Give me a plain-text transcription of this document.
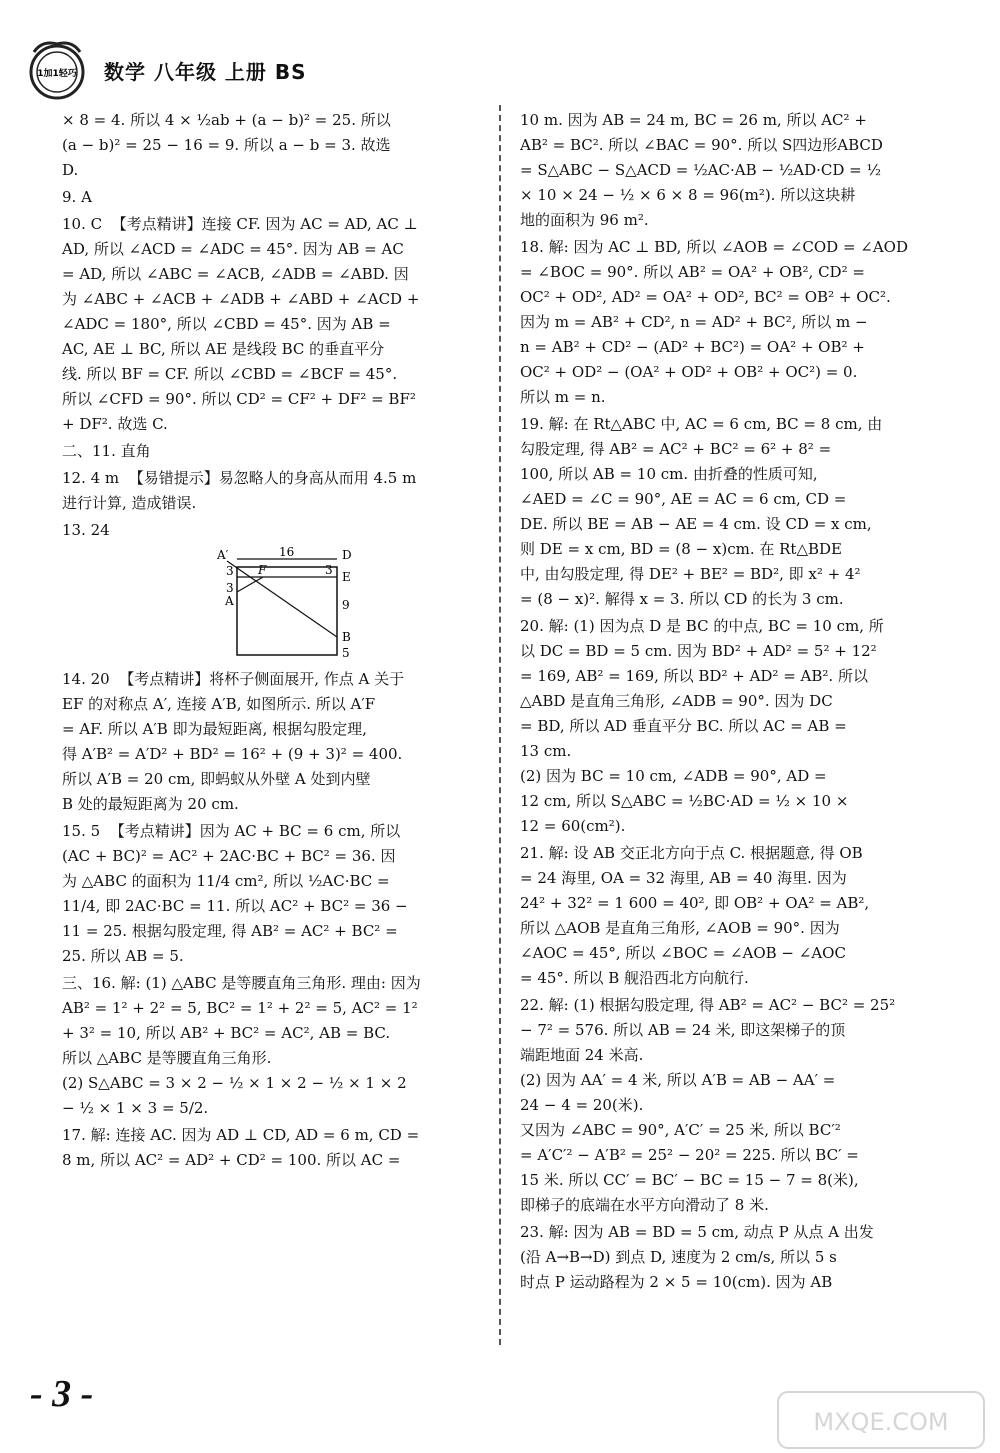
1加1轻巧 数学 八年级 上册 BS
× 8 = 4. 所以 4 × ½ab + (a − b)² = 25. 所以
(a − b)² = 25 − 16 = 9. 所以 a − b = 3. 故选
D.
9. A
10. C  【考点精讲】连接 CF. 因为 AC = AD, AC ⊥
AD, 所以 ∠ACD = ∠ADC = 45°. 因为 AB = AC
= AD, 所以 ∠ABC = ∠ACB, ∠ADB = ∠ABD. 因
为 ∠ABC + ∠ACB + ∠ADB + ∠ABD + ∠ACD +
∠ADC = 180°, 所以 ∠CBD = 45°. 因为 AB =
AC, AE ⊥ BC, 所以 AE 是线段 BC 的垂直平分
线. 所以 BF = CF. 所以 ∠CBD = ∠BCF = 45°.
所以 ∠CFD = 90°. 所以 CD² = CF² + DF² = BF²
+ DF². 故选 C.
二、11. 直角
12. 4 m  【易错提示】易忽略人的身高从而用 4.5 m
进行计算, 造成错误.
13. 24
A′	16	D
3
3
A
F	3 E
9
B
5
14. 20  【考点精讲】将杯子侧面展开, 作点 A 关于
EF 的对称点 A′, 连接 A′B, 如图所示. 所以 A′F
= AF. 所以 A′B 即为最短距离, 根据勾股定理,
得 A′B² = A′D² + BD² = 16² + (9 + 3)² = 400.
所以 A′B = 20 cm, 即蚂蚁从外壁 A 处到内壁
B 处的最短距离为 20 cm.
15. 5  【考点精讲】因为 AC + BC = 6 cm, 所以
(AC + BC)² = AC² + 2AC·BC + BC² = 36. 因
为 △ABC 的面积为 11/4 cm², 所以 ½AC·BC =
11/4, 即 2AC·BC = 11. 所以 AC² + BC² = 36 −
11 = 25. 根据勾股定理, 得 AB² = AC² + BC² =
25. 所以 AB = 5.
三、16. 解: (1) △ABC 是等腰直角三角形. 理由: 因为
AB² = 1² + 2² = 5, BC² = 1² + 2² = 5, AC² = 1²
+ 3² = 10, 所以 AB² + BC² = AC², AB = BC.
所以 △ABC 是等腰直角三角形.
(2) S△ABC = 3 × 2 − ½ × 1 × 2 − ½ × 1 × 2
− ½ × 1 × 3 = 5/2.
17. 解: 连接 AC. 因为 AD ⊥ CD, AD = 6 m, CD =
8 m, 所以 AC² = AD² + CD² = 100. 所以 AC =
10 m. 因为 AB = 24 m, BC = 26 m, 所以 AC² +
AB² = BC². 所以 ∠BAC = 90°. 所以 S四边形ABCD
= S△ABC − S△ACD = ½AC·AB − ½AD·CD = ½
× 10 × 24 − ½ × 6 × 8 = 96(m²). 所以这块耕
地的面积为 96 m².
18. 解: 因为 AC ⊥ BD, 所以 ∠AOB = ∠COD = ∠AOD
= ∠BOC = 90°. 所以 AB² = OA² + OB², CD² =
OC² + OD², AD² = OA² + OD², BC² = OB² + OC².
因为 m = AB² + CD², n = AD² + BC², 所以 m −
n = AB² + CD² − (AD² + BC²) = OA² + OB² +
OC² + OD² − (OA² + OD² + OB² + OC²) = 0.
所以 m = n.
19. 解: 在 Rt△ABC 中, AC = 6 cm, BC = 8 cm, 由
勾股定理, 得 AB² = AC² + BC² = 6² + 8² =
100, 所以 AB = 10 cm. 由折叠的性质可知,
∠AED = ∠C = 90°, AE = AC = 6 cm, CD =
DE. 所以 BE = AB − AE = 4 cm. 设 CD = x cm,
则 DE = x cm, BD = (8 − x)cm. 在 Rt△BDE
中, 由勾股定理, 得 DE² + BE² = BD², 即 x² + 4²
= (8 − x)². 解得 x = 3. 所以 CD 的长为 3 cm.
20. 解: (1) 因为点 D 是 BC 的中点, BC = 10 cm, 所
以 DC = BD = 5 cm. 因为 BD² + AD² = 5² + 12²
= 169, AB² = 169, 所以 BD² + AD² = AB². 所以
△ABD 是直角三角形, ∠ADB = 90°. 因为 DC
= BD, 所以 AD 垂直平分 BC. 所以 AC = AB =
13 cm.
(2) 因为 BC = 10 cm, ∠ADB = 90°, AD =
12 cm, 所以 S△ABC = ½BC·AD = ½ × 10 ×
12 = 60(cm²).
21. 解: 设 AB 交正北方向于点 C. 根据题意, 得 OB
= 24 海里, OA = 32 海里, AB = 40 海里. 因为
24² + 32² = 1 600 = 40², 即 OB² + OA² = AB²,
所以 △AOB 是直角三角形, ∠AOB = 90°. 因为
∠AOC = 45°, 所以 ∠BOC = ∠AOB − ∠AOC
= 45°. 所以 B 舰沿西北方向航行.
22. 解: (1) 根据勾股定理, 得 AB² = AC² − BC² = 25²
− 7² = 576. 所以 AB = 24 米, 即这架梯子的顶
端距地面 24 米高.
(2) 因为 AA′ = 4 米, 所以 A′B = AB − AA′ =
24 − 4 = 20(米).
又因为 ∠ABC = 90°, A′C′ = 25 米, 所以 BC′²
= A′C′² − A′B² = 25² − 20² = 225. 所以 BC′ =
15 米. 所以 CC′ = BC′ − BC = 15 − 7 = 8(米),
即梯子的底端在水平方向滑动了 8 米.
23. 解: 因为 AB = BD = 5 cm, 动点 P 从点 A 出发
(沿 A→B→D) 到点 D, 速度为 2 cm/s, 所以 5 s
时点 P 运动路程为 2 × 5 = 10(cm). 因为 AB
- 3 -
MXQE.COM
